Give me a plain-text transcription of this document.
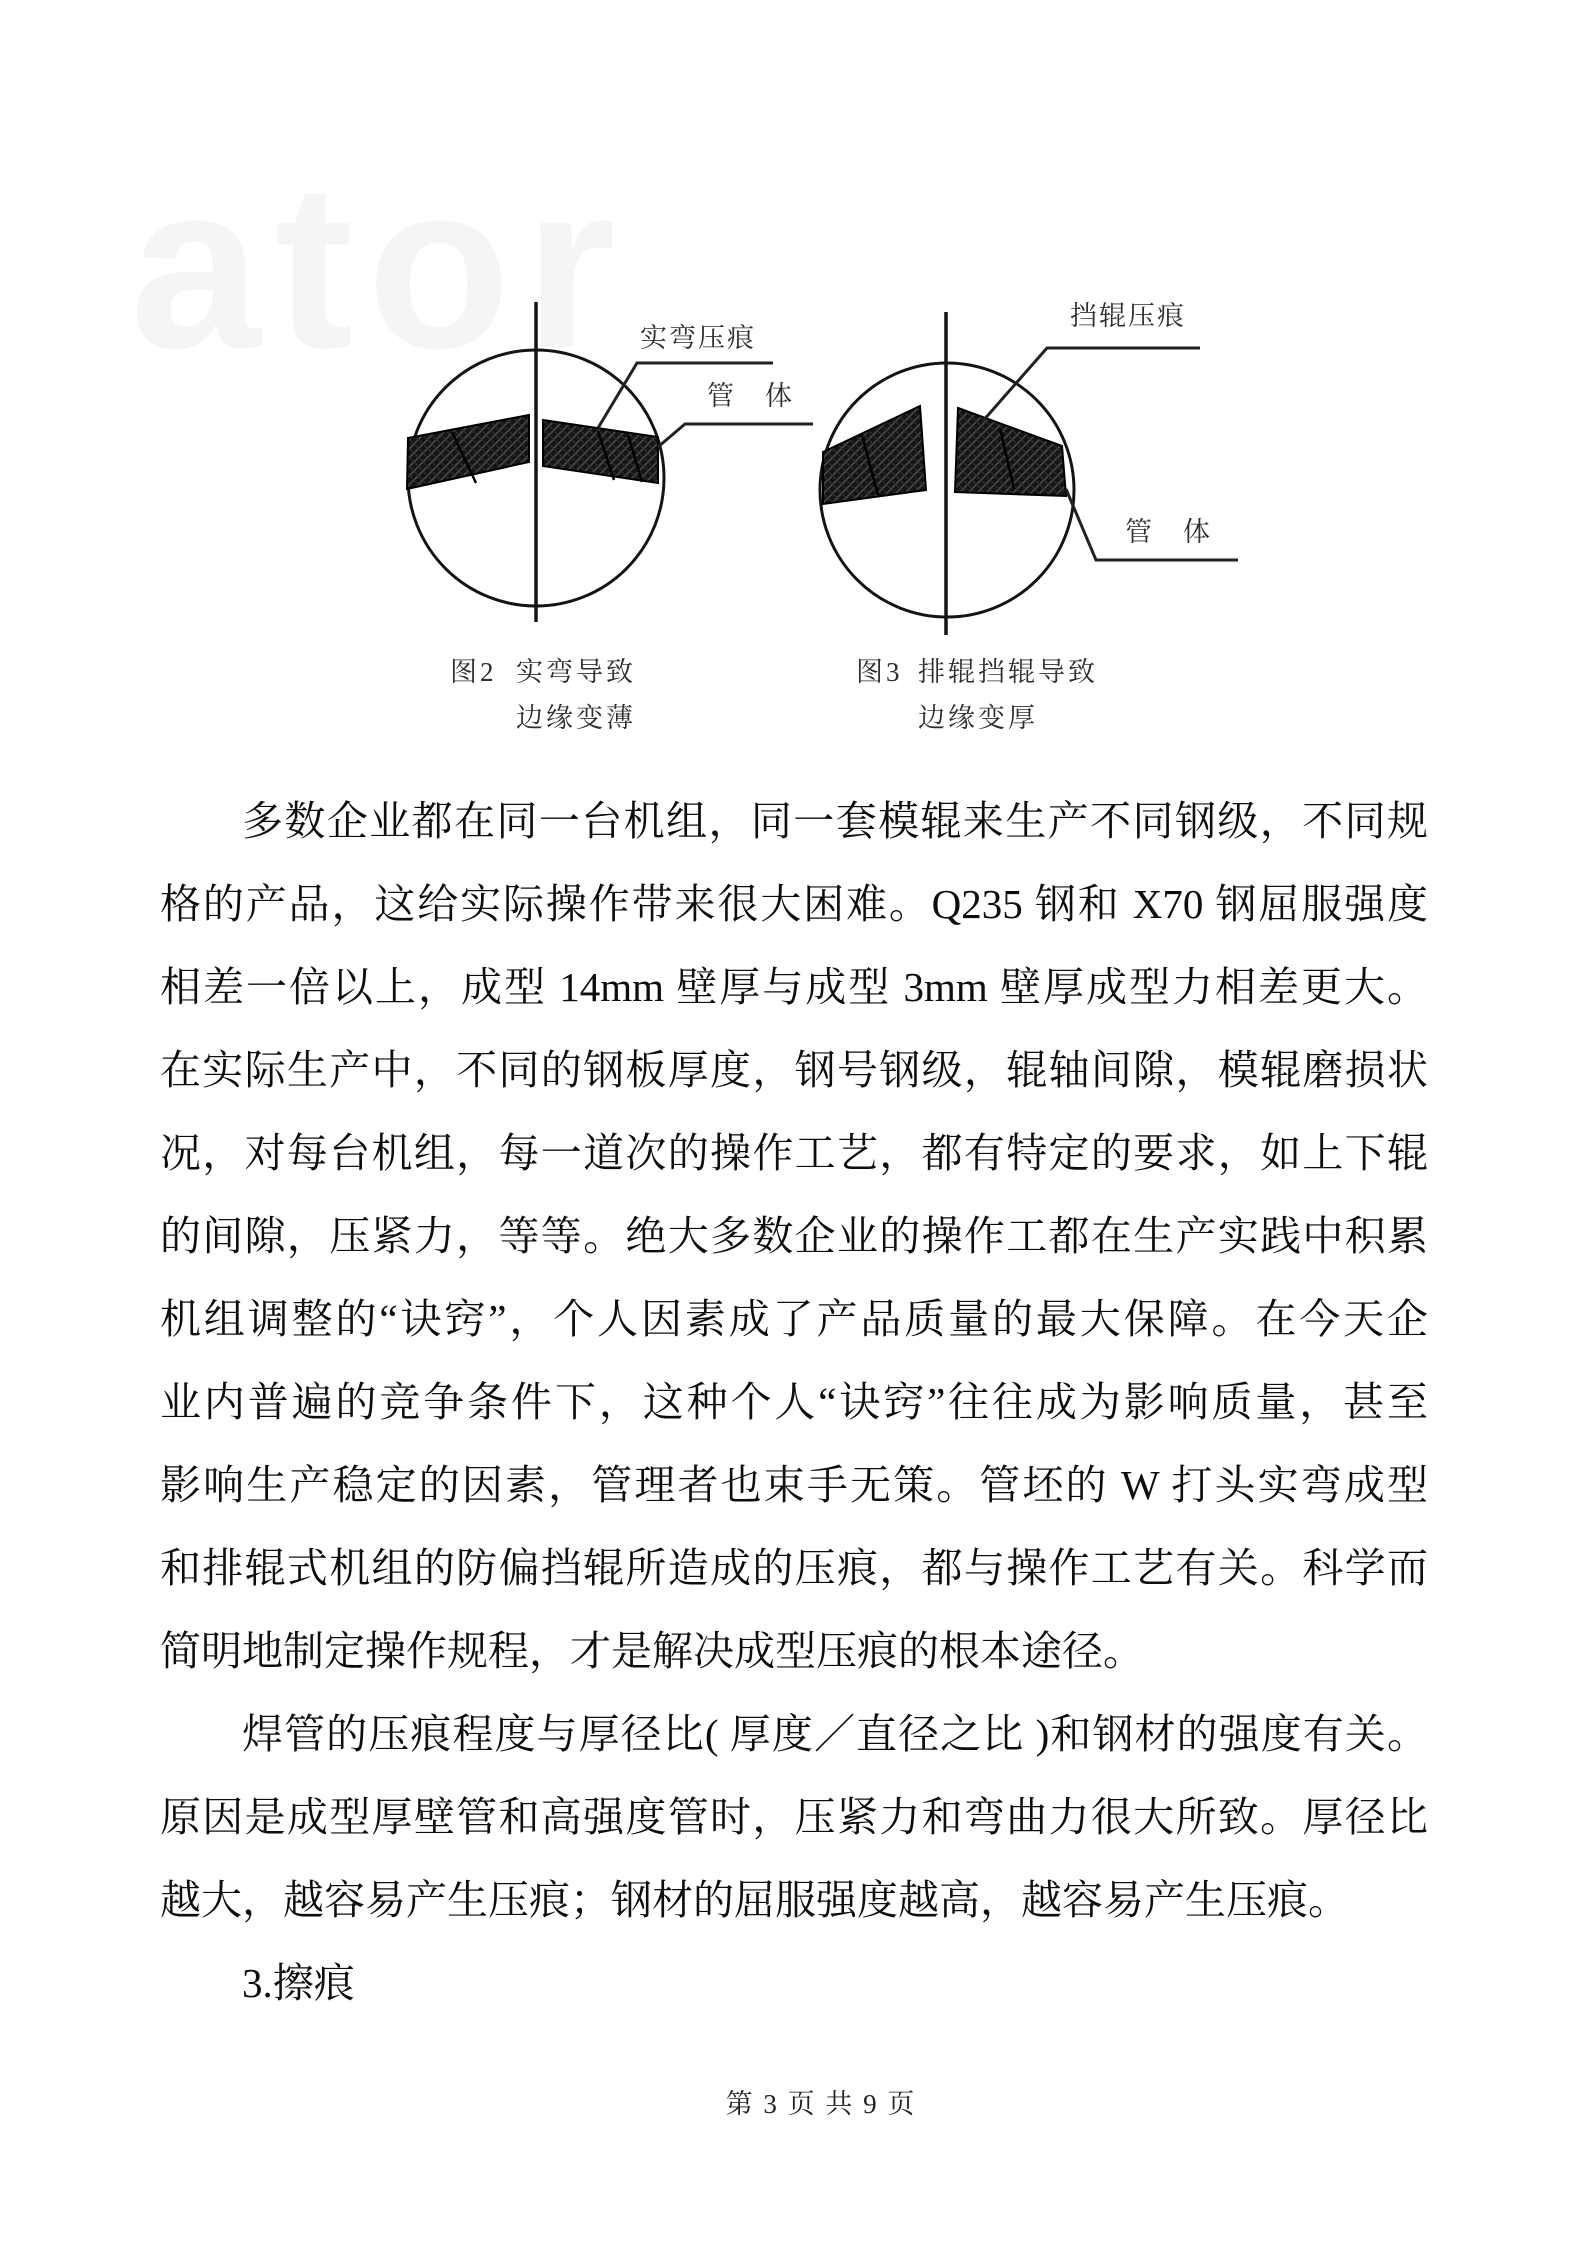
实弯压痕
管　体
图2 实弯导致
边缘变薄
挡辊压痕
管　体
图3 排辊挡辊导致
边缘变厚
多数企业都在同一台机组，同一套模辊来生产不同钢级，不同规
格的产品，这给实际操作带来很大困难。Q235 钢和 X70 钢屈服强度
相差一倍以上，成型 14mm 壁厚与成型 3mm 壁厚成型力相差更大。
在实际生产中，不同的钢板厚度，钢号钢级，辊轴间隙，模辊磨损状
况，对每台机组，每一道次的操作工艺，都有特定的要求，如上下辊
的间隙，压紧力，等等。绝大多数企业的操作工都在生产实践中积累
机组调整的“诀窍”，个人因素成了产品质量的最大保障。在今天企
业内普遍的竞争条件下，这种个人“诀窍”往往成为影响质量，甚至
影响生产稳定的因素，管理者也束手无策。管坯的 W 打头实弯成型
和排辊式机组的防偏挡辊所造成的压痕，都与操作工艺有关。科学而
简明地制定操作规程，才是解决成型压痕的根本途径。
焊管的压痕程度与厚径比( 厚度／直径之比 )和钢材的强度有关。
原因是成型厚壁管和高强度管时，压紧力和弯曲力很大所致。厚径比
越大，越容易产生压痕；钢材的屈服强度越高，越容易产生压痕。
3.擦痕
第 3 页 共 9 页
